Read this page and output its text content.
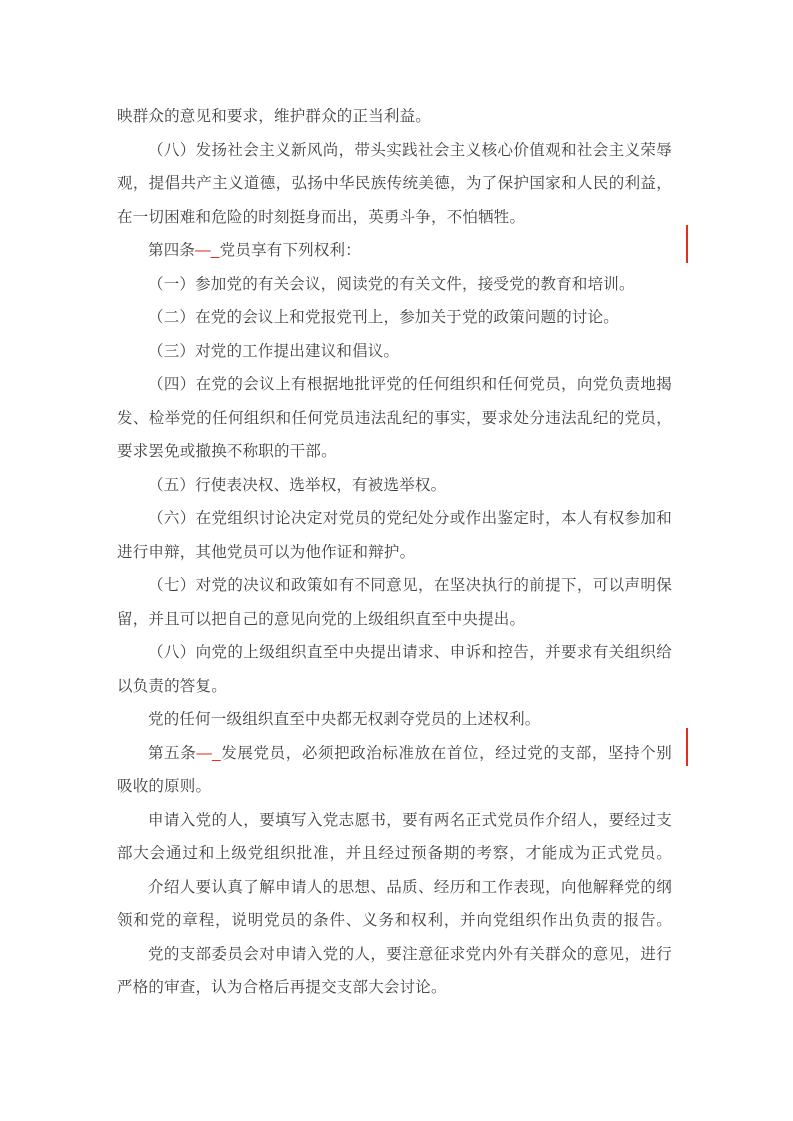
映群众的意见和要求，维护群众的正当利益。
（八）发扬社会主义新风尚，带头实践社会主义核心价值观和社会主义荣辱
观，提倡共产主义道德，弘扬中华民族传统美德，为了保护国家和人民的利益，
在一切困难和危险的时刻挺身而出，英勇斗争，不怕牺牲。
第四条—_党员享有下列权利：
（一）参加党的有关会议，阅读党的有关文件，接受党的教育和培训。
（二）在党的会议上和党报党刊上，参加关于党的政策问题的讨论。
（三）对党的工作提出建议和倡议。
（四）在党的会议上有根据地批评党的任何组织和任何党员，向党负责地揭
发、检举党的任何组织和任何党员违法乱纪的事实，要求处分违法乱纪的党员，
要求罢免或撤换不称职的干部。
（五）行使表决权、选举权，有被选举权。
（六）在党组织讨论决定对党员的党纪处分或作出鉴定时，本人有权参加和
进行申辩，其他党员可以为他作证和辩护。
（七）对党的决议和政策如有不同意见，在坚决执行的前提下，可以声明保
留，并且可以把自己的意见向党的上级组织直至中央提出。
（八）向党的上级组织直至中央提出请求、申诉和控告，并要求有关组织给
以负责的答复。
党的任何一级组织直至中央都无权剥夺党员的上述权利。
第五条—_发展党员，必须把政治标准放在首位，经过党的支部，坚持个别
吸收的原则。
申请入党的人，要填写入党志愿书，要有两名正式党员作介绍人，要经过支
部大会通过和上级党组织批准，并且经过预备期的考察，才能成为正式党员。
介绍人要认真了解申请人的思想、品质、经历和工作表现，向他解释党的纲
领和党的章程，说明党员的条件、义务和权利，并向党组织作出负责的报告。
党的支部委员会对申请入党的人，要注意征求党内外有关群众的意见，进行
严格的审查，认为合格后再提交支部大会讨论。
